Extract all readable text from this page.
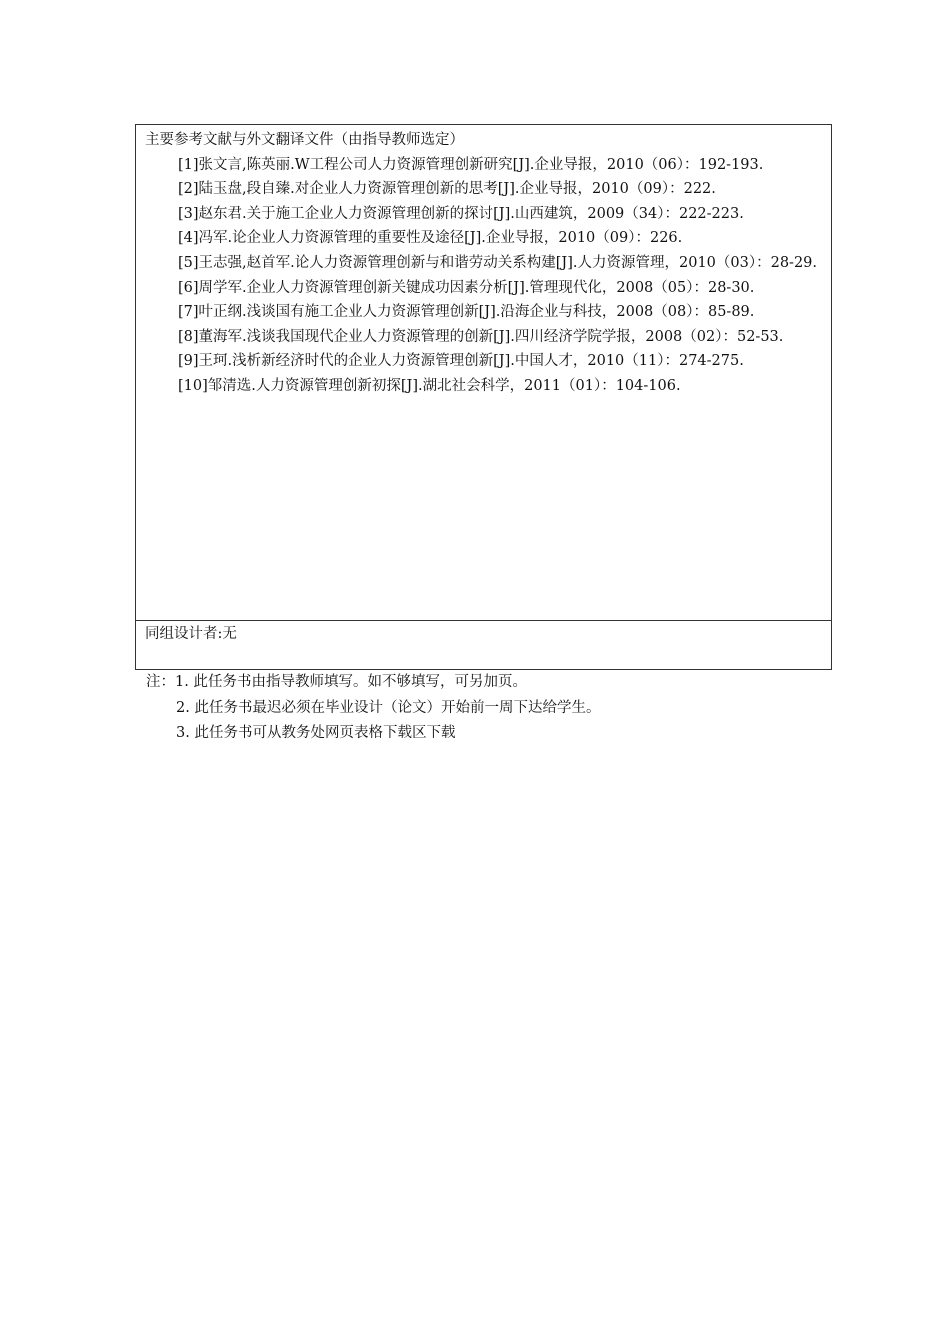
主要参考文献与外文翻译文件（由指导教师选定）
[1]张文言,陈英丽.W工程公司人力资源管理创新研究[J].企业导报，2010（06）：192-193.
[2]陆玉盘,段自臻.对企业人力资源管理创新的思考[J].企业导报，2010（09）：222.
[3]赵东君.关于施工企业人力资源管理创新的探讨[J].山西建筑，2009（34）：222-223.
[4]冯军.论企业人力资源管理的重要性及途径[J].企业导报，2010（09）：226.
[5]王志强,赵首军.论人力资源管理创新与和谐劳动关系构建[J].人力资源管理，2010（03）：28-29.
[6]周学军.企业人力资源管理创新关键成功因素分析[J].管理现代化，2008（05）：28-30.
[7]叶正纲.浅谈国有施工企业人力资源管理创新[J].沿海企业与科技，2008（08）：85-89.
[8]董海军.浅谈我国现代企业人力资源管理的创新[J].四川经济学院学报，2008（02）：52-53.
[9]王珂.浅析新经济时代的企业人力资源管理创新[J].中国人才，2010（11）：274-275.
[10]邹清选.人力资源管理创新初探[J].湖北社会科学，2011（01）：104-106.
同组设计者:无
注：1. 此任务书由指导教师填写。如不够填写，可另加页。
2. 此任务书最迟必须在毕业设计（论文）开始前一周下达给学生。
3. 此任务书可从教务处网页表格下载区下载
